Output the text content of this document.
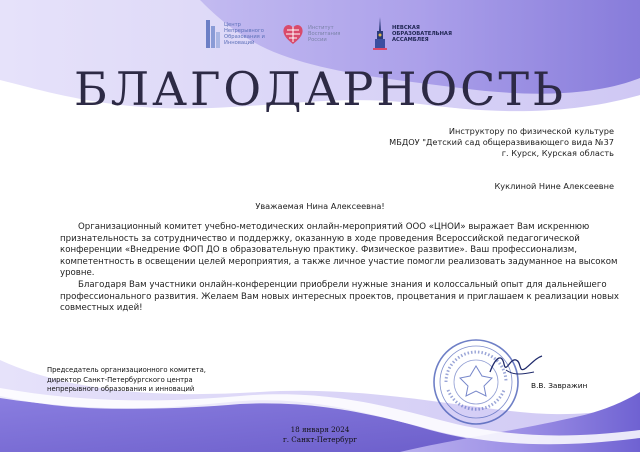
Центр
Непрерывного
Образования и
Инноваций
Институт
Воспитания
России
НЕВСКАЯ
ОБРАЗОВАТЕЛЬНАЯ
АССАМБЛЕЯ
БЛАГОДАРНОСТЬ
Инструктору по физической культуре
МБДОУ "Детский сад общеразвивающего вида №37
г. Курск, Курская область
Куклиной Нине Алексеевне
Уважаемая Нина Алексеевна!

Организационный комитет учебно-методических онлайн-мероприятий ООО «ЦНОИ» выражает Вам искреннюю признательность за сотрудничество и поддержку, оказанную в ходе проведения Всероссийской педагогической конференции «Внедрение ФОП ДО в образовательную практику. Физическое развитие». Ваш профессионализм, компетентность в освещении целей мероприятия, а также личное участие помогли реализовать задуманное на высоком уровне.

Благодаря Вам участники онлайн-конференции приобрели нужные знания и колоссальный опыт для дальнейшего профессионального развития. Желаем Вам новых интересных проектов, процветания и приглашаем к реализации новых совместных идей!

Председатель организационного комитета,
директор Санкт-Петербургского центра
непрерывного образования и инноваций	В.В. Завражин
18 января 2024
г. Санкт-Петербург
